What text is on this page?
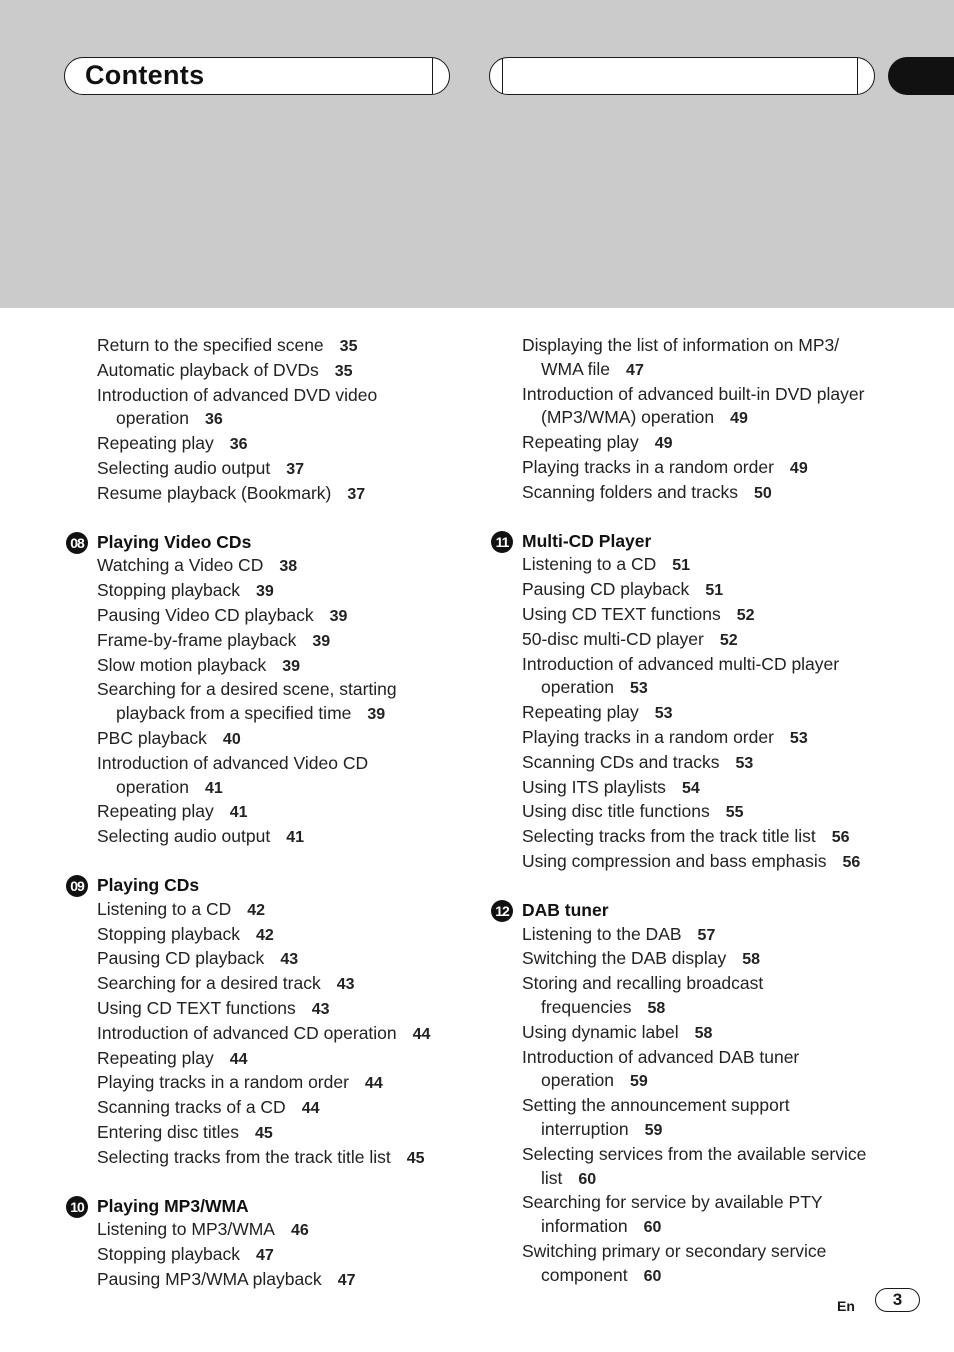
Contents
Return to the specified scene 35
Automatic playback of DVDs 35
Introduction of advanced DVD video
operation 36
Repeating play 36
Selecting audio output 37
Resume playback (Bookmark) 37
08 Playing Video CDs
Watching a Video CD 38
Stopping playback 39
Pausing Video CD playback 39
Frame-by-frame playback 39
Slow motion playback 39
Searching for a desired scene, starting
playback from a specified time 39
PBC playback 40
Introduction of advanced Video CD
operation 41
Repeating play 41
Selecting audio output 41
09 Playing CDs
Listening to a CD 42
Stopping playback 42
Pausing CD playback 43
Searching for a desired track 43
Using CD TEXT functions 43
Introduction of advanced CD operation 44
Repeating play 44
Playing tracks in a random order 44
Scanning tracks of a CD 44
Entering disc titles 45
Selecting tracks from the track title list 45
10 Playing MP3/WMA
Listening to MP3/WMA 46
Stopping playback 47
Pausing MP3/WMA playback 47
Displaying the list of information on MP3/
WMA file 47
Introduction of advanced built-in DVD player
(MP3/WMA) operation 49
Repeating play 49
Playing tracks in a random order 49
Scanning folders and tracks 50
11 Multi-CD Player
Listening to a CD 51
Pausing CD playback 51
Using CD TEXT functions 52
50-disc multi-CD player 52
Introduction of advanced multi-CD player
operation 53
Repeating play 53
Playing tracks in a random order 53
Scanning CDs and tracks 53
Using ITS playlists 54
Using disc title functions 55
Selecting tracks from the track title list 56
Using compression and bass emphasis 56
12 DAB tuner
Listening to the DAB 57
Switching the DAB display 58
Storing and recalling broadcast
frequencies 58
Using dynamic label 58
Introduction of advanced DAB tuner
operation 59
Setting the announcement support
interruption 59
Selecting services from the available service
list 60
Searching for service by available PTY
information 60
Switching primary or secondary service
component 60
En	3
